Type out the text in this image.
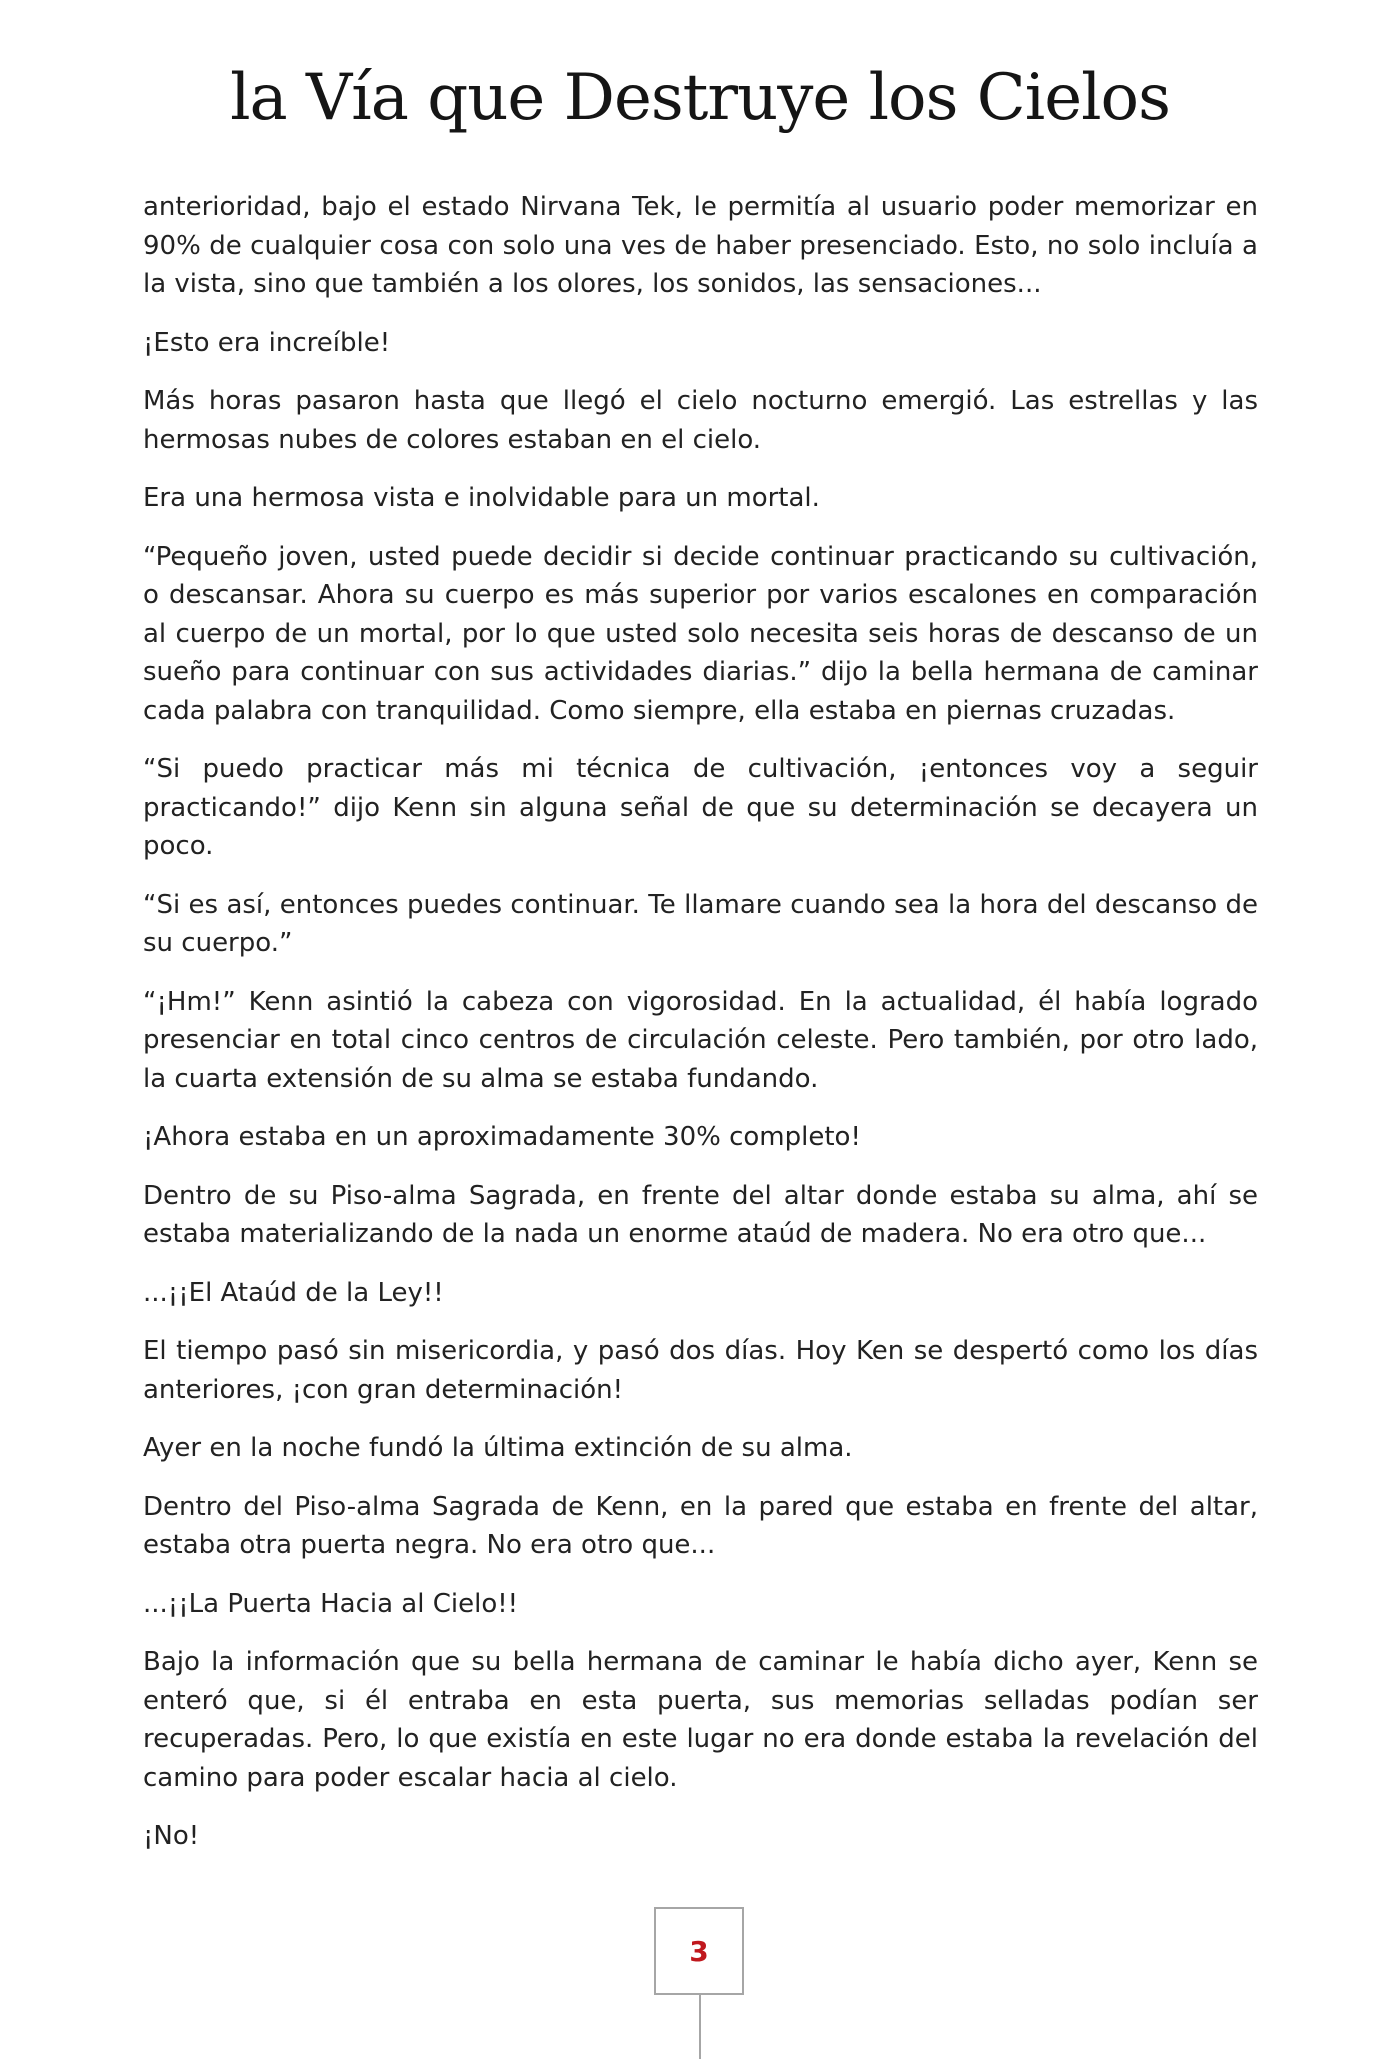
la Vía que Destruye los Cielos

anterioridad, bajo el estado Nirvana Tek, le permitía al usuario poder memorizar en 90% de cualquier cosa con solo una ves de haber presenciado. Esto, no solo incluía a la vista, sino que también a los olores, los sonidos, las sensaciones...

¡Esto era increíble!

Más horas pasaron hasta que llegó el cielo nocturno emergió. Las estrellas y las hermosas nubes de colores estaban en el cielo.

Era una hermosa vista e inolvidable para un mortal.

“Pequeño joven, usted puede decidir si decide continuar practicando su cultivación, o descansar. Ahora su cuerpo es más superior por varios escalones en comparación al cuerpo de un mortal, por lo que usted solo necesita seis horas de descanso de un sueño para continuar con sus actividades diarias.” dijo la bella hermana de caminar cada palabra con tranquilidad. Como siempre, ella estaba en piernas cruzadas.

“Si puedo practicar más mi técnica de cultivación, ¡entonces voy a seguir practicando!” dijo Kenn sin alguna señal de que su determinación se decayera un poco.

“Si es así, entonces puedes continuar. Te llamare cuando sea la hora del descanso de su cuerpo.”

“¡Hm!” Kenn asintió la cabeza con vigorosidad. En la actualidad, él había logrado presenciar en total cinco centros de circulación celeste. Pero también, por otro lado, la cuarta extensión de su alma se estaba fundando.

¡Ahora estaba en un aproximadamente 30% completo!

Dentro de su Piso-alma Sagrada, en frente del altar donde estaba su alma, ahí se estaba materializando de la nada un enorme ataúd de madera. No era otro que...

...¡¡El Ataúd de la Ley!!

El tiempo pasó sin misericordia, y pasó dos días. Hoy Ken se despertó como los días anteriores, ¡con gran determinación!

Ayer en la noche fundó la última extinción de su alma.

Dentro del Piso-alma Sagrada de Kenn, en la pared que estaba en frente del altar, estaba otra puerta negra. No era otro que...

...¡¡La Puerta Hacia al Cielo!!

Bajo la información que su bella hermana de caminar le había dicho ayer, Kenn se enteró que, si él entraba en esta puerta, sus memorias selladas podían ser recuperadas. Pero, lo que existía en este lugar no era donde estaba la revelación del camino para poder escalar hacia al cielo.

¡No!

3
